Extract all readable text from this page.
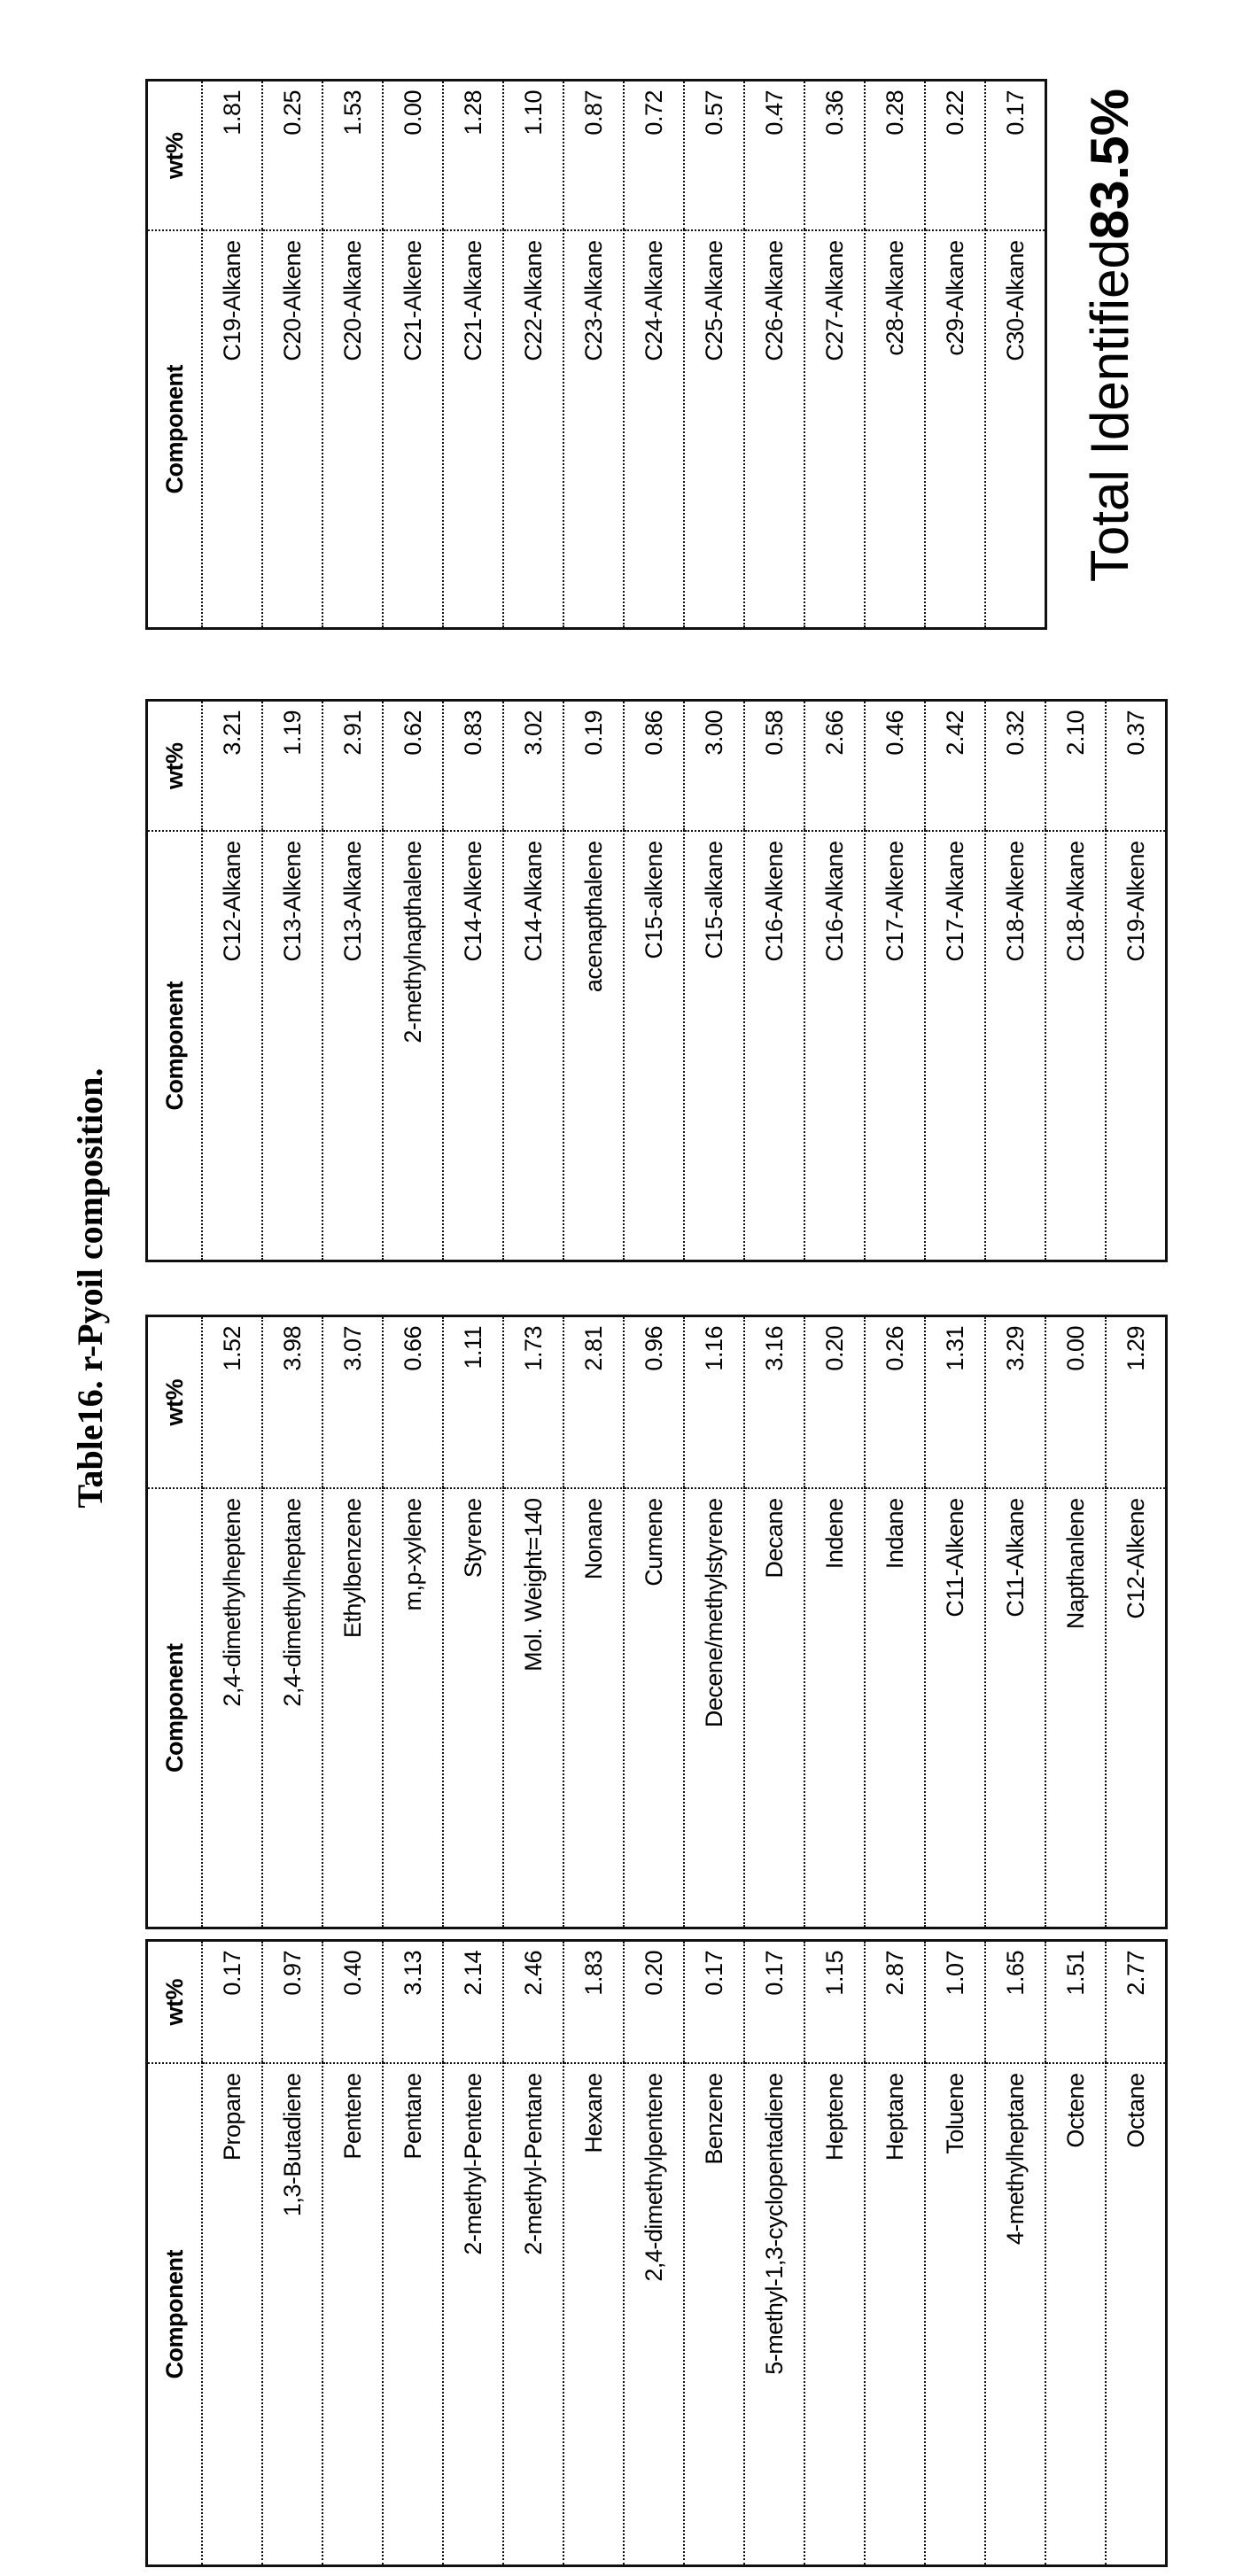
Table16. r-Pyoil composition.
Component	wt%
Propane	0.17
1,3-Butadiene	0.97
Pentene	0.40
Pentane	3.13
2-methyl-Pentene	2.14
2-methyl-Pentane	2.46
Hexane	1.83
2,4-dimethylpentene	0.20
Benzene	0.17
5-methyl-1,3-cyclopentadiene	0.17
Heptene	1.15
Heptane	2.87
Toluene	1.07
4-methylheptane	1.65
Octene	1.51
Octane	2.77
Component	wt%
2,4-dimethylheptene	1.52
2,4-dimethylheptane	3.98
Ethylbenzene	3.07
m,p-xylene	0.66
Styrene	1.11
Mol. Weight=140	1.73
Nonane	2.81
Cumene	0.96
Decene/methylstyrene	1.16
Decane	3.16
Indene	0.20
Indane	0.26
C11-Alkene	1.31
C11-Alkane	3.29
Napthanlene	0.00
C12-Alkene	1.29
Component	wt%
C12-Alkane	3.21
C13-Alkene	1.19
C13-Alkane	2.91
2-methylnapthalene	0.62
C14-Alkene	0.83
C14-Alkane	3.02
acenapthalene	0.19
C15-alkene	0.86
C15-alkane	3.00
C16-Alkene	0.58
C16-Alkane	2.66
C17-Alkene	0.46
C17-Alkane	2.42
C18-Alkene	0.32
C18-Alkane	2.10
C19-Alkene	0.37
Component	wt%
C19-Alkane	1.81
C20-Alkene	0.25
C20-Alkane	1.53
C21-Alkene	0.00
C21-Alkane	1.28
C22-Alkane	1.10
C23-Alkane	0.87
C24-Alkane	0.72
C25-Alkane	0.57
C26-Alkane	0.47
C27-Alkane	0.36
c28-Alkane	0.28
c29-Alkane	0.22
C30-Alkane	0.17
Total Identified83.5%
